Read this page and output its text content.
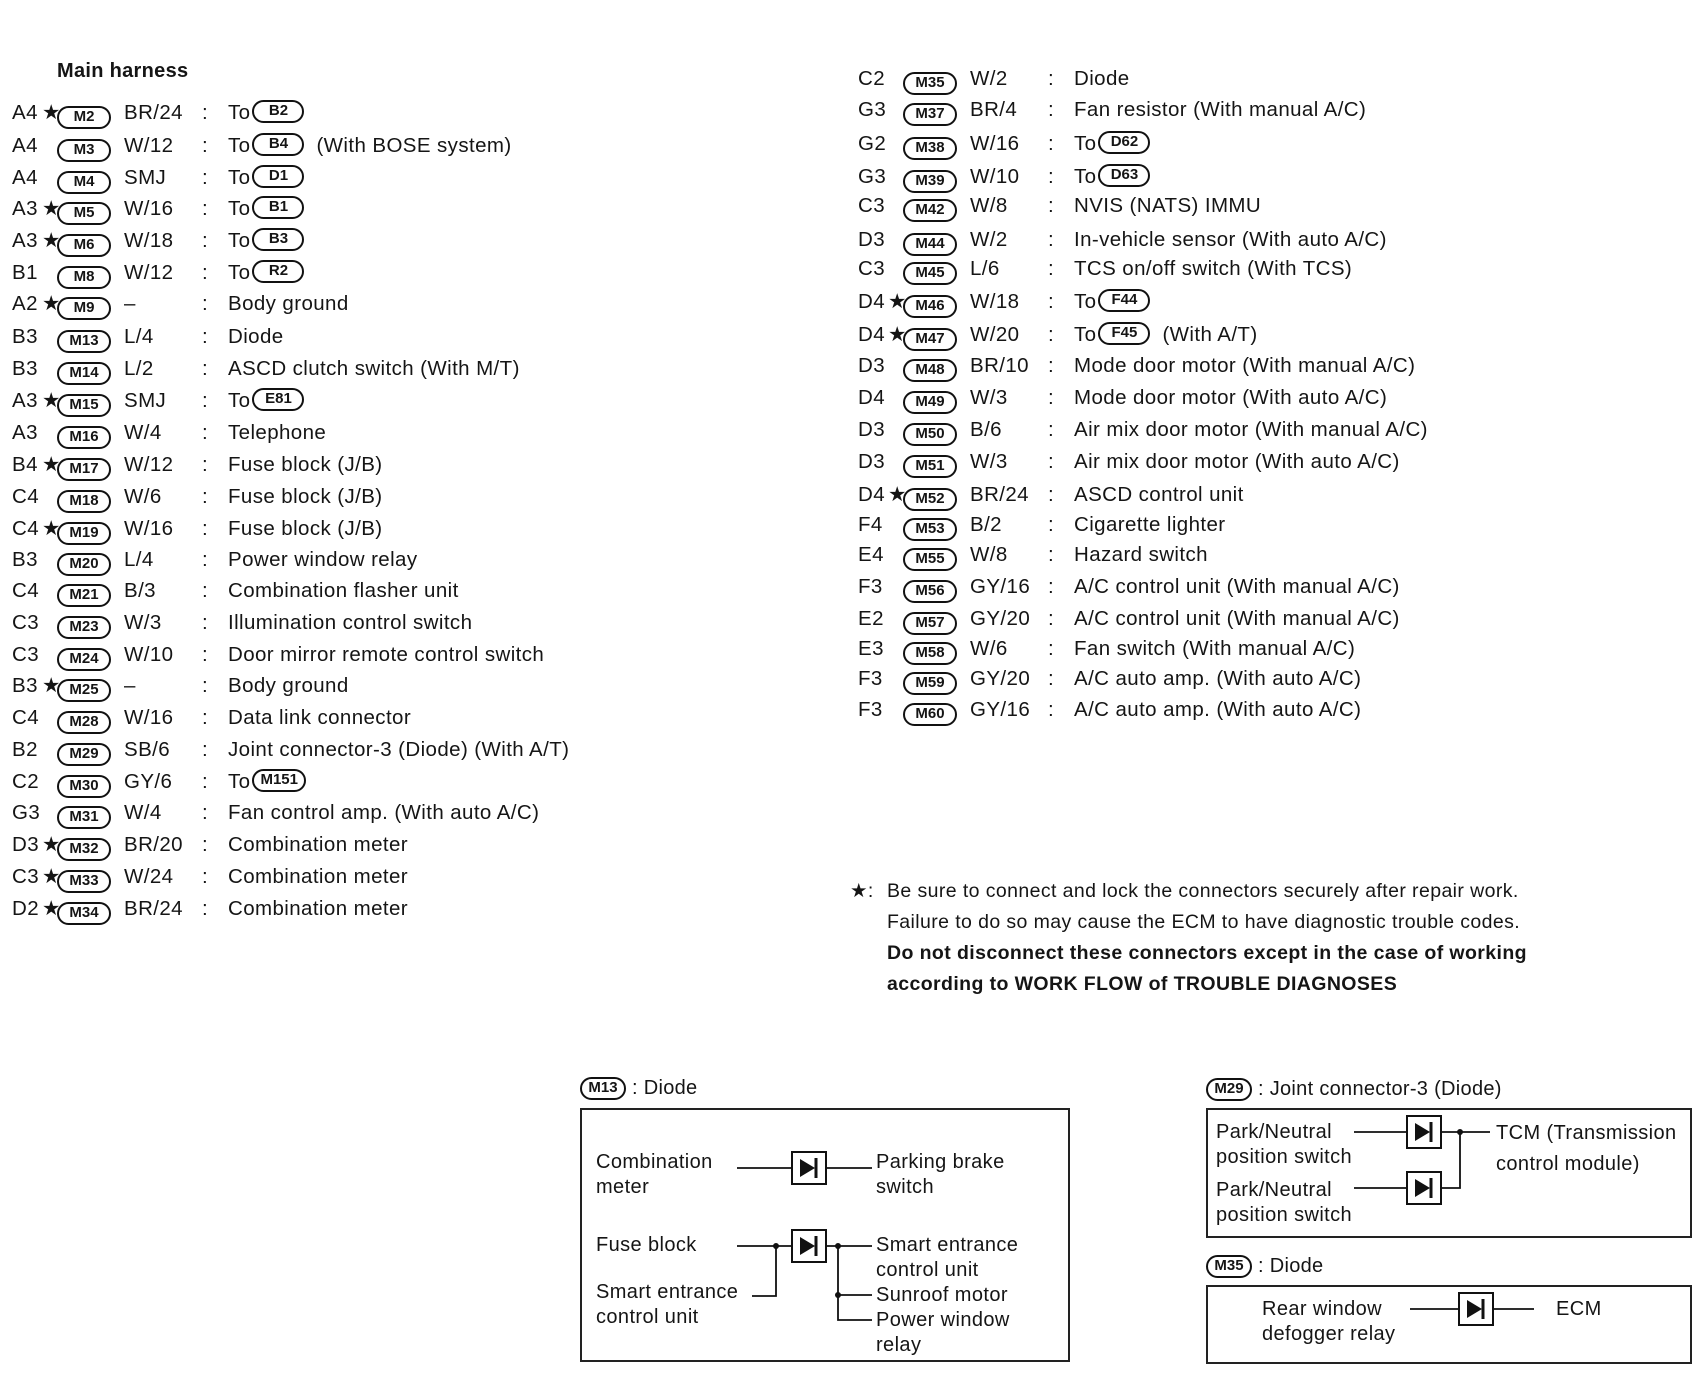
Main harness
A4 ★ M2	BR/24 : To B2
A4	M3	W/12 : To B4 (With BOSE system)
A4	M4	SMJ : To D1
A3 ★ M5	W/16 : To B1
A3 ★ M6	W/18 : To B3
B1	M8	W/12 : To R2
A2 ★ M9	–	: Body ground
B3	M13	L/4 : Diode
B3	M14	L/2 : ASCD clutch switch (With M/T)
A3 ★ M15	SMJ : To E81
A3	M16	W/4 : Telephone
B4 ★ M17	W/12 : Fuse block (J/B)
C4	M18	W/6 : Fuse block (J/B)
C4 ★ M19	W/16 : Fuse block (J/B)
B3	M20	L/4 : Power window relay
C4	M21	B/3 : Combination flasher unit
C3	M23	W/3 : Illumination control switch
C3	M24	W/10 : Door mirror remote control switch
B3 ★ M25	–	: Body ground
C4	M28	W/16 : Data link connector
B2	M29	SB/6 : Joint connector-3 (Diode) (With A/T)
C2	M30	GY/6 : To M151
G3	M31	W/4 : Fan control amp. (With auto A/C)
D3 ★ M32	BR/20 : Combination meter
C3 ★ M33	W/24 : Combination meter
D2 ★ M34	BR/24 : Combination meter
C2	M35	W/2 : Diode
G3	M37	BR/4 : Fan resistor (With manual A/C)
G2	M38	W/16 : To D62
G3	M39	W/10 : To D63
C3	M42	W/8 : NVIS (NATS) IMMU
D3	M44	W/2 : In-vehicle sensor (With auto A/C)
C3	M45	L/6 : TCS on/off switch (With TCS)
D4 ★ M46	W/18 : To F44
D4 ★ M47	W/20 : To F45 (With A/T)
D3	M48	BR/10 : Mode door motor (With manual A/C)
D4	M49	W/3 : Mode door motor (With auto A/C)
D3	M50	B/6 : Air mix door motor (With manual A/C)
D3	M51	W/3 : Air mix door motor (With auto A/C)
D4 ★ M52	BR/24 : ASCD control unit
F4	M53	B/2 : Cigarette lighter
E4	M55	W/8 : Hazard switch
F3	M56	GY/16 : A/C control unit (With manual A/C)
E2	M57	GY/20 : A/C control unit (With manual A/C)
E3	M58	W/6 : Fan switch (With manual A/C)
F3	M59	GY/20 : A/C auto amp. (With auto A/C)
F3	M60	GY/16 : A/C auto amp. (With auto A/C)
★: Be sure to connect and lock the connectors securely after repair work.
Failure to do so may cause the ECM to have diagnostic trouble codes.
Do not disconnect these connectors except in the case of working
according to WORK FLOW of TROUBLE DIAGNOSES
M13 : Diode
Combination
meter
Parking brake
switch
Fuse block
Smart entrance
control unit
Smart entrance
control unit
Sunroof motor
Power window
relay
M29 : Joint connector-3 (Diode)
Park/Neutral
position switch
Park/Neutral
position switch
TCM (Transmission
control module)
M35 : Diode
Rear window
defogger relay
ECM
